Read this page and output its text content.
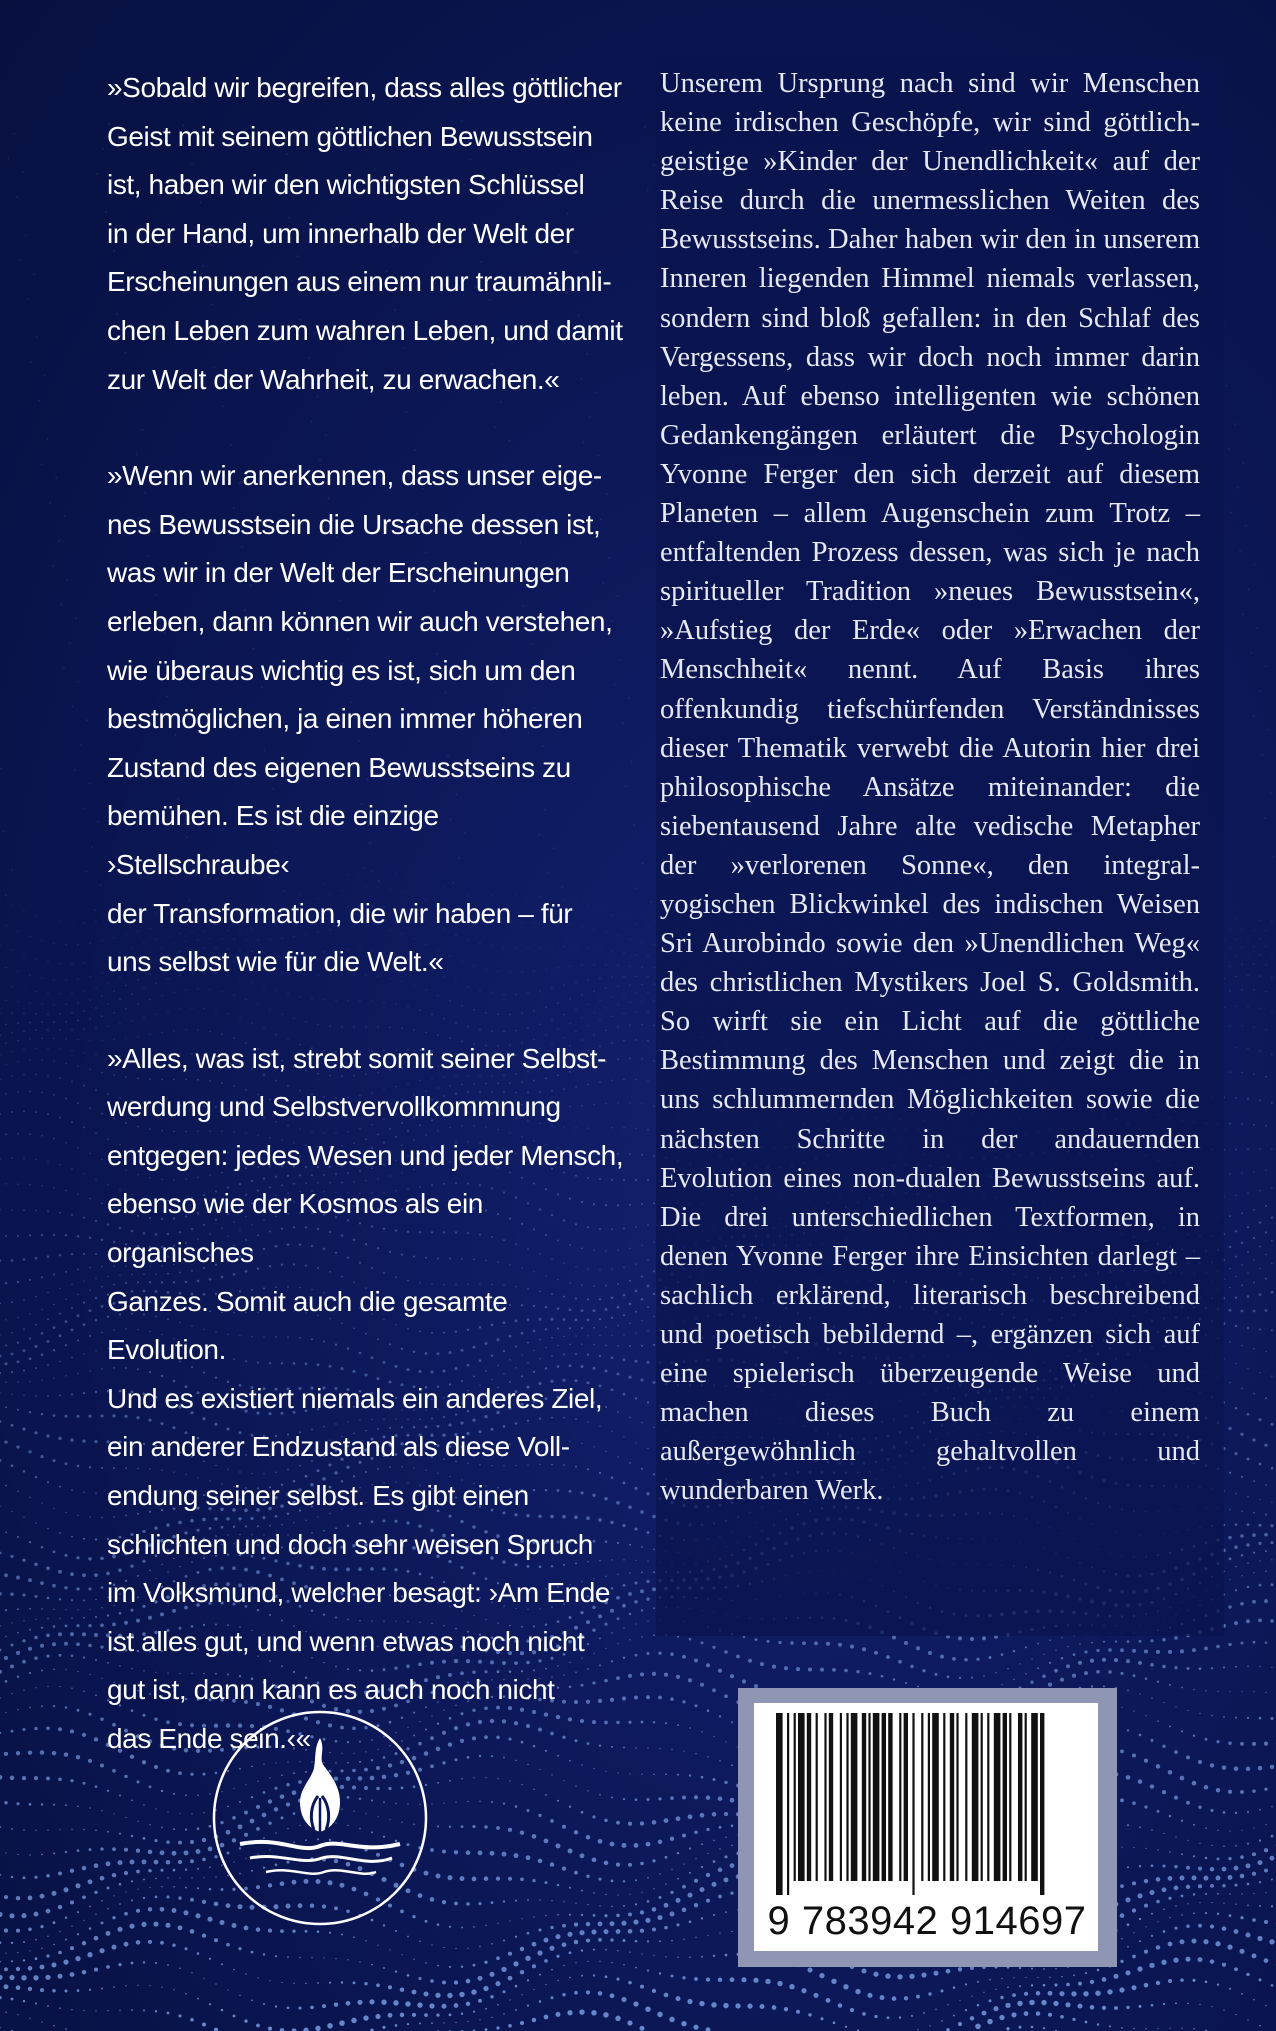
»Sobald wir begreifen, dass alles göttlicher
Geist mit seinem göttlichen Bewusstsein
ist, haben wir den wichtigsten Schlüssel
in der Hand, um innerhalb der Welt der
Erscheinungen aus einem nur traumähnli-
chen Leben zum wahren Leben, und damit
zur Welt der Wahrheit, zu erwachen.«

»Wenn wir anerkennen, dass unser eige-
nes Bewusstsein die Ursache dessen ist,
was wir in der Welt der Erscheinungen
erleben, dann können wir auch verstehen,
wie überaus wichtig es ist, sich um den
bestmöglichen, ja einen immer höheren
Zustand des eigenen Bewusstseins zu
bemühen. Es ist die einzige ›Stellschraube‹
der Transformation, die wir haben – für
uns selbst wie für die Welt.«

»Alles, was ist, strebt somit seiner Selbst-
werdung und Selbstvervollkommnung
entgegen: jedes Wesen und jeder Mensch,
ebenso wie der Kosmos als ein organisches
Ganzes. Somit auch die gesamte Evolution.
Und es existiert niemals ein anderes Ziel,
ein anderer Endzustand als diese Voll-
endung seiner selbst. Es gibt einen
schlichten und doch sehr weisen Spruch
im Volksmund, welcher besagt: ›Am Ende
ist alles gut, und wenn etwas noch nicht
gut ist, dann kann es auch noch nicht
das Ende sein.‹«

Unserem Ursprung nach sind wir Menschen keine irdischen Geschöpfe, wir sind göttlich-geistige »Kinder der Unendlichkeit« auf der Reise durch die unermesslichen Weiten des Bewusstseins. Daher haben wir den in unserem Inneren liegenden Himmel niemals verlassen, sondern sind bloß gefallen: in den Schlaf des Vergessens, dass wir doch noch immer darin leben. Auf ebenso intelligenten wie schönen Gedankengängen erläutert die Psychologin Yvonne Ferger den sich derzeit auf diesem Planeten – allem Augenschein zum Trotz – entfaltenden Prozess dessen, was sich je nach spiritueller Tradition »neues Bewusstsein«, »Aufstieg der Erde« oder »Erwachen der Menschheit« nennt. Auf Basis ihres offenkundig tiefschürfenden Verständnisses dieser Thematik verwebt die Autorin hier drei philosophische Ansätze miteinander: die siebentausend Jahre alte vedische Metapher der »verlorenen Sonne«, den integral-yogischen Blickwinkel des indischen Weisen Sri Aurobindo sowie den »Unendlichen Weg« des christlichen Mystikers Joel S. Goldsmith. So wirft sie ein Licht auf die göttliche Bestimmung des Menschen und zeigt die in uns schlummernden Möglichkeiten sowie die nächsten Schritte in der andauernden Evolution eines non-dualen Bewusstseins auf. Die drei unterschiedlichen Textformen, in denen Yvonne Ferger ihre Einsichten darlegt – sachlich erklärend, literarisch beschreibend und poetisch bebildernd –, ergänzen sich auf eine spielerisch überzeugende Weise und machen dieses Buch zu einem außergewöhnlich gehaltvollen und wunderbaren Werk.

9 783942 914697
